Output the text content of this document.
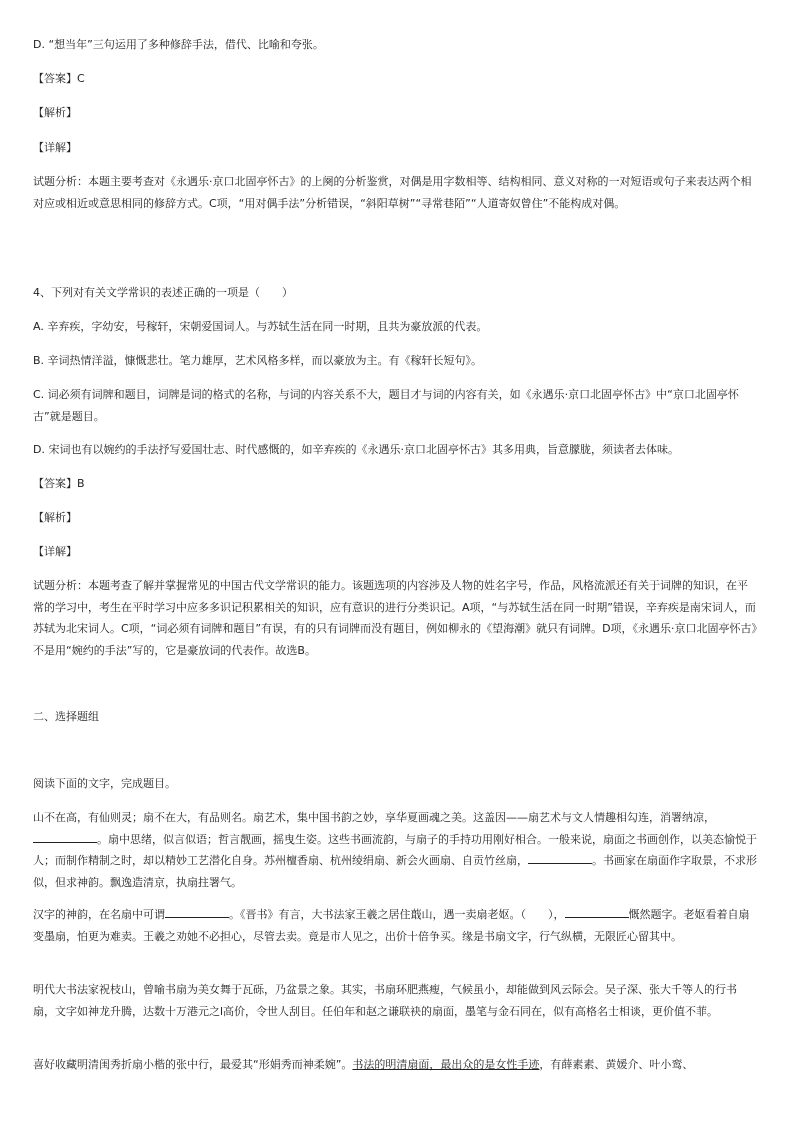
D. “想当年”三句运用了多种修辞手法，借代、比喻和夸张。

【答案】C

【解析】

【详解】

试题分析：本题主要考查对《永遇乐·京口北固亭怀古》的上阕的分析鉴赏，对偶是用字数相等、结构相同、意义对称的一对短语或句子来表达两个相对应或相近或意思相同的修辞方式。C项，“用对偶手法”分析错误，“斜阳草树”“寻常巷陌”“人道寄奴曾住”不能构成对偶。

4、下列对有关文学常识的表述正确的一项是（　　）

A. 辛弃疾，字幼安，号稼轩，宋朝爱国词人。与苏轼生活在同一时期，且共为豪放派的代表。

B. 辛词热情洋溢，慷慨悲壮。笔力雄厚，艺术风格多样，而以豪放为主。有《稼轩长短句》。

C. 词必须有词牌和题目，词牌是词的格式的名称，与词的内容关系不大，题目才与词的内容有关，如《永遇乐·京口北固亭怀古》中“京口北固亭怀古”就是题目。

D. 宋词也有以婉约的手法抒写爱国壮志、时代感慨的，如辛弃疾的《永遇乐·京口北固亭怀古》其多用典，旨意朦胧，须读者去体味。

【答案】B

【解析】

【详解】

试题分析：本题考查了解并掌握常见的中国古代文学常识的能力。该题选项的内容涉及人物的姓名字号，作品，风格流派还有关于词牌的知识，在平常的学习中，考生在平时学习中应多多识记积累相关的知识，应有意识的进行分类识记。A项，“与苏轼生活在同一时期”错误，辛弃疾是南宋词人，而苏轼为北宋词人。C项，“词必须有词牌和题目”有误，有的只有词牌而没有题目，例如柳永的《望海潮》就只有词牌。D项，《永遇乐·京口北固亭怀古》不是用“婉约的手法”写的，它是豪放词的代表作。故选B。

二、选择题组

阅读下面的文字，完成题目。

山不在高，有仙则灵；扇不在大，有品则名。扇艺术，集中国书韵之妙，享华夏画魂之美。这盖因——扇艺术与文人情趣相勾连，消署纳凉，。扇中思绪，似言似语；哲言靓画，摇曳生姿。这些书画流韵，与扇子的手持功用刚好相合。一般来说，扇面之书画创作，以美态愉悦于人；而制作精制之时，却以精妙工艺潜化自身。苏州檀香扇、杭州绫绢扇、新会火画扇、自贡竹丝扇，	。书画家在扇面作字取景，不求形似，但求神韵。飘逸造清京，执扇拄署气。

汉字的神韵，在名扇中可谓	。《晋书》有言，大书法家王羲之居住蕺山，遇一卖扇老妪。（　　），	慨然题字。老妪看着自扇变墨扇，怕更为难卖。王羲之劝她不必担心，尽管去卖。竟是市人见之，出价十倍争买。缘是书扇文字，行气纵横，无限匠心留其中。

明代大书法家祝枝山，曾喻书扇为美女舞于瓦砾，乃盆景之象。其实，书扇环肥燕瘦，气候虽小，却能做到风云际会。吴子深、张大千等人的行书扇，文字如神龙升腾，达数十万港元之l高价，令世人刮目。任伯年和赵之谦联袂的扇面，墨笔与金石同在，似有高格名士相谈，更价值不菲。

喜好收藏明清闺秀折扇小楷的张中行，最爱其“形娟秀而神柔婉”。书法的明清扇面，最出众的是女性手迹，有薛素素、黄媛介、叶小鸾、
